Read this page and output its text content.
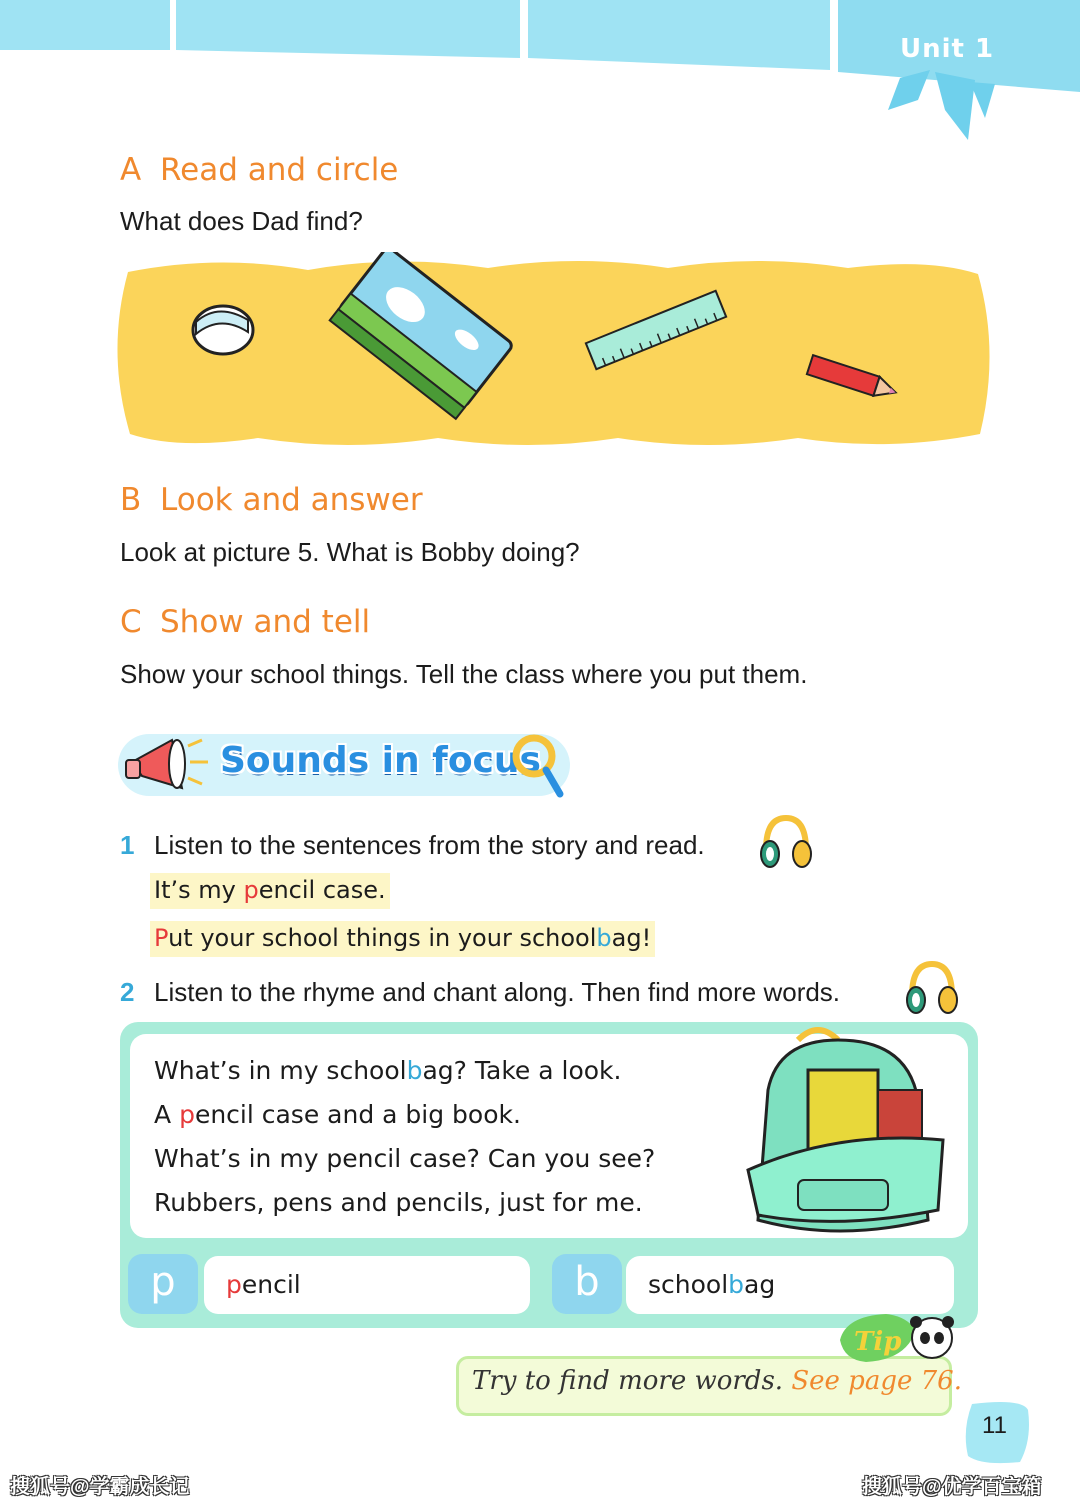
Unit 1
A Read and circle
What does Dad find?
B Look and answer
Look at picture 5. What is Bobby doing?
C Show and tell
Show your school things. Tell the class where you put them.
Sounds in focus
1 Listen to the sentences from the story and read.
It’s my pencil case.
Put your school things in your schoolbag!
2 Listen to the rhyme and chant along. Then find more words.
What’s in my schoolbag? Take a look.
A pencil case and a big book.
What’s in my pencil case? Can you see?
Rubbers, pens and pencils, just for me.
p	pencil	b	schoolbag
Try to find more words. See page 76.
Tip
11
搜狐号@学霸成长记	搜狐号@优学百宝箱
